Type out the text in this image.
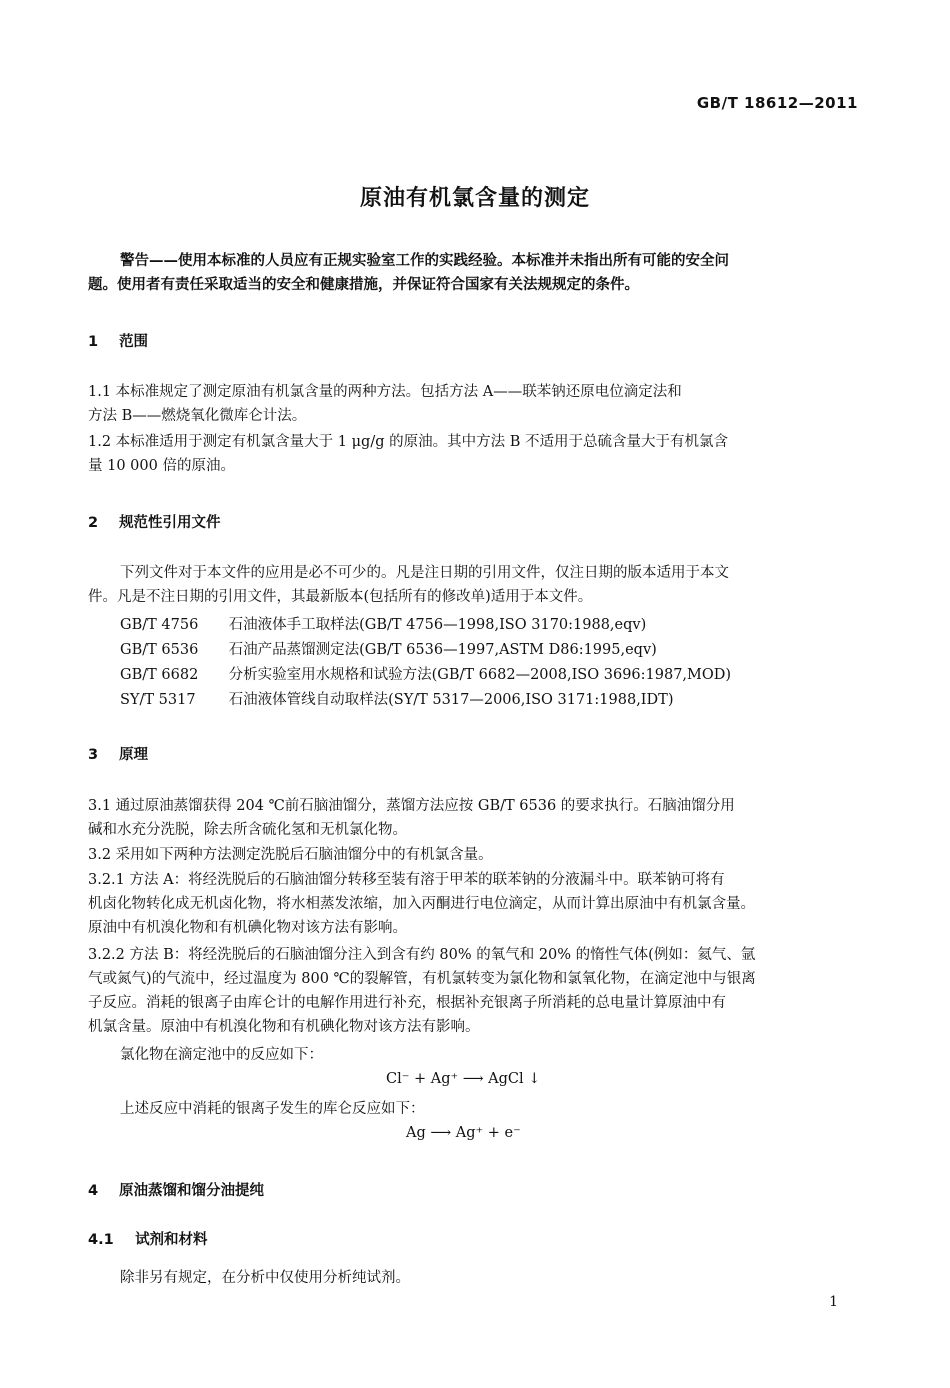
GB/T 18612—2011
原油有机氯含量的测定
警告——使用本标准的人员应有正规实验室工作的实践经验。本标准并未指出所有可能的安全问
题。使用者有责任采取适当的安全和健康措施，并保证符合国家有关法规规定的条件。
1 范围
1.1 本标准规定了测定原油有机氯含量的两种方法。包括方法 A——联苯钠还原电位滴定法和
方法 B——燃烧氧化微库仑计法。
1.2 本标准适用于测定有机氯含量大于 1 μg/g 的原油。其中方法 B 不适用于总硫含量大于有机氯含
量 10 000 倍的原油。
2 规范性引用文件
下列文件对于本文件的应用是必不可少的。凡是注日期的引用文件，仅注日期的版本适用于本文
件。凡是不注日期的引用文件，其最新版本(包括所有的修改单)适用于本文件。
GB/T 4756 石油液体手工取样法(GB/T 4756—1998,ISO 3170:1988,eqv)
GB/T 6536 石油产品蒸馏测定法(GB/T 6536—1997,ASTM D86:1995,eqv)
GB/T 6682 分析实验室用水规格和试验方法(GB/T 6682—2008,ISO 3696:1987,MOD)
SY/T 5317 石油液体管线自动取样法(SY/T 5317—2006,ISO 3171:1988,IDT)
3 原理
3.1 通过原油蒸馏获得 204 ℃前石脑油馏分，蒸馏方法应按 GB/T 6536 的要求执行。石脑油馏分用
碱和水充分洗脱，除去所含硫化氢和无机氯化物。
3.2 采用如下两种方法测定洗脱后石脑油馏分中的有机氯含量。
3.2.1 方法 A：将经洗脱后的石脑油馏分转移至装有溶于甲苯的联苯钠的分液漏斗中。联苯钠可将有
机卤化物转化成无机卤化物，将水相蒸发浓缩，加入丙酮进行电位滴定，从而计算出原油中有机氯含量。
原油中有机溴化物和有机碘化物对该方法有影响。
3.2.2 方法 B：将经洗脱后的石脑油馏分注入到含有约 80% 的氧气和 20% 的惰性气体(例如：氦气、氩
气或氮气)的气流中，经过温度为 800 ℃的裂解管，有机氯转变为氯化物和氯氧化物，在滴定池中与银离
子反应。消耗的银离子由库仑计的电解作用进行补充，根据补充银离子所消耗的总电量计算原油中有
机氯含量。原油中有机溴化物和有机碘化物对该方法有影响。
氯化物在滴定池中的反应如下：
Cl⁻ + Ag⁺ ⟶ AgCl ↓
上述反应中消耗的银离子发生的库仑反应如下：
Ag ⟶ Ag⁺ + e⁻
4 原油蒸馏和馏分油提纯
4.1 试剂和材料
除非另有规定，在分析中仅使用分析纯试剂。
1
